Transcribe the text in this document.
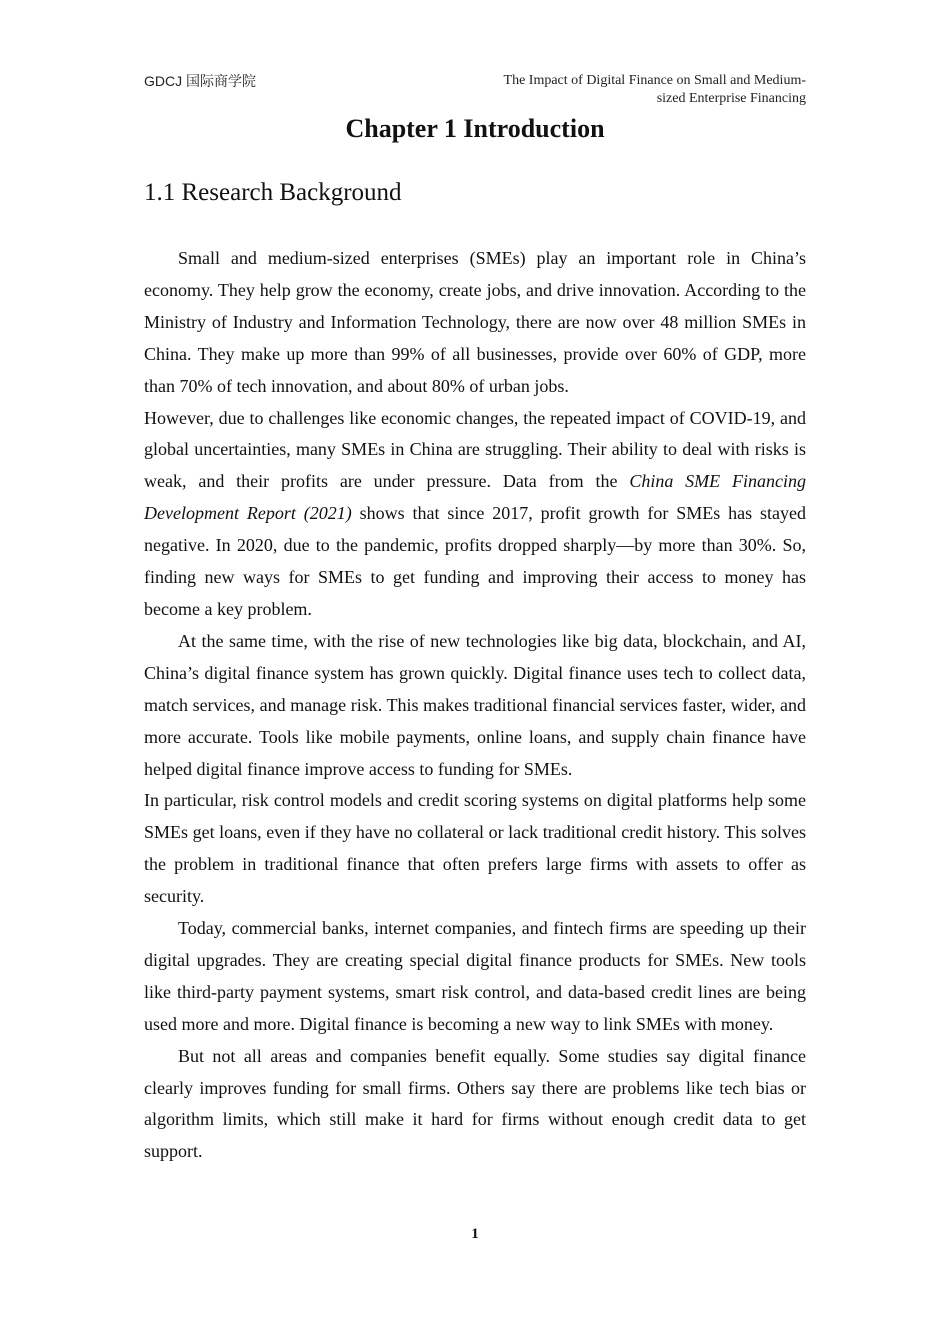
GDCJ 国际商学院	The Impact of Digital Finance on Small and Medium-
sized Enterprise Financing
Chapter 1 Introduction
1.1 Research Background

Small and medium-sized enterprises (SMEs) play an important role in China’s economy. They help grow the economy, create jobs, and drive innovation. According to the Ministry of Industry and Information Technology, there are now over 48 million SMEs in China. They make up more than 99% of all businesses, provide over 60% of GDP, more than 70% of tech innovation, and about 80% of urban jobs.

However, due to challenges like economic changes, the repeated impact of COVID-19, and global uncertainties, many SMEs in China are struggling. Their ability to deal with risks is weak, and their profits are under pressure. Data from the China SME Financing Development Report (2021) shows that since 2017, profit growth for SMEs has stayed negative. In 2020, due to the pandemic, profits dropped sharply—by more than 30%. So, finding new ways for SMEs to get funding and improving their access to money has become a key problem.

At the same time, with the rise of new technologies like big data, blockchain, and AI, China’s digital finance system has grown quickly. Digital finance uses tech to collect data, match services, and manage risk. This makes traditional financial services faster, wider, and more accurate. Tools like mobile payments, online loans, and supply chain finance have helped digital finance improve access to funding for SMEs.

In particular, risk control models and credit scoring systems on digital platforms help some SMEs get loans, even if they have no collateral or lack traditional credit history. This solves the problem in traditional finance that often prefers large firms with assets to offer as security.

Today, commercial banks, internet companies, and fintech firms are speeding up their digital upgrades. They are creating special digital finance products for SMEs. New tools like third-party payment systems, smart risk control, and data-based credit lines are being used more and more. Digital finance is becoming a new way to link SMEs with money.

But not all areas and companies benefit equally. Some studies say digital finance clearly improves funding for small firms. Others say there are problems like tech bias or algorithm limits, which still make it hard for firms without enough credit data to get support.

1
